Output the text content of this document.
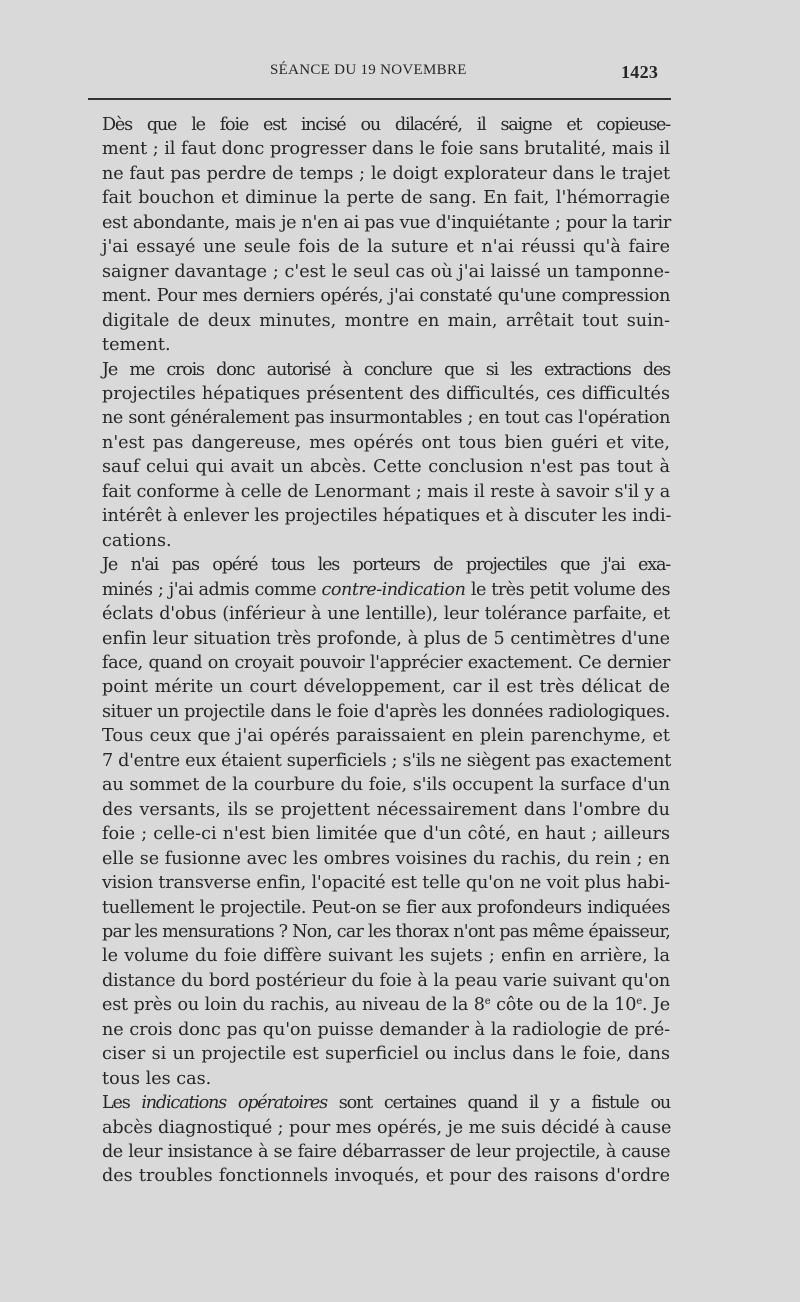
SÉANCE DU 19 NOVEMBRE	1423

Dès que le foie est incisé ou dilacéré, il saigne et copieuse-
ment ; il faut donc progresser dans le foie sans brutalité, mais il
ne faut pas perdre de temps ; le doigt explorateur dans le trajet
fait bouchon et diminue la perte de sang. En fait, l'hémorragie
est abondante, mais je n'en ai pas vue d'inquiétante ; pour la tarir
j'ai essayé une seule fois de la suture et n'ai réussi qu'à faire
saigner davantage ; c'est le seul cas où j'ai laissé un tamponne-
ment. Pour mes derniers opérés, j'ai constaté qu'une compression
digitale de deux minutes, montre en main, arrêtait tout suin-
tement.

Je me crois donc autorisé à conclure que si les extractions des
projectiles hépatiques présentent des difficultés, ces difficultés
ne sont généralement pas insurmontables ; en tout cas l'opération
n'est pas dangereuse, mes opérés ont tous bien guéri et vite,
sauf celui qui avait un abcès. Cette conclusion n'est pas tout à
fait conforme à celle de Lenormant ; mais il reste à savoir s'il y a
intérêt à enlever les projectiles hépatiques et à discuter les indi-
cations.

Je n'ai pas opéré tous les porteurs de projectiles que j'ai exa-
minés ; j'ai admis comme contre-indication le très petit volume des
éclats d'obus (inférieur à une lentille), leur tolérance parfaite, et
enfin leur situation très profonde, à plus de 5 centimètres d'une
face, quand on croyait pouvoir l'apprécier exactement. Ce dernier
point mérite un court développement, car il est très délicat de
situer un projectile dans le foie d'après les données radiologiques.
Tous ceux que j'ai opérés paraissaient en plein parenchyme, et
7 d'entre eux étaient superficiels ; s'ils ne siègent pas exactement
au sommet de la courbure du foie, s'ils occupent la surface d'un
des versants, ils se projettent nécessairement dans l'ombre du
foie ; celle-ci n'est bien limitée que d'un côté, en haut ; ailleurs
elle se fusionne avec les ombres voisines du rachis, du rein ; en
vision transverse enfin, l'opacité est telle qu'on ne voit plus habi-
tuellement le projectile. Peut-on se fier aux profondeurs indiquées
par les mensurations ? Non, car les thorax n'ont pas même épaisseur,
le volume du foie diffère suivant les sujets ; enfin en arrière, la
distance du bord postérieur du foie à la peau varie suivant qu'on
est près ou loin du rachis, au niveau de la 8e côte ou de la 10e. Je
ne crois donc pas qu'on puisse demander à la radiologie de pré-
ciser si un projectile est superficiel ou inclus dans le foie, dans
tous les cas.

Les indications opératoires sont certaines quand il y a fistule ou
abcès diagnostiqué ; pour mes opérés, je me suis décidé à cause
de leur insistance à se faire débarrasser de leur projectile, à cause
des troubles fonctionnels invoqués, et pour des raisons d'ordre
